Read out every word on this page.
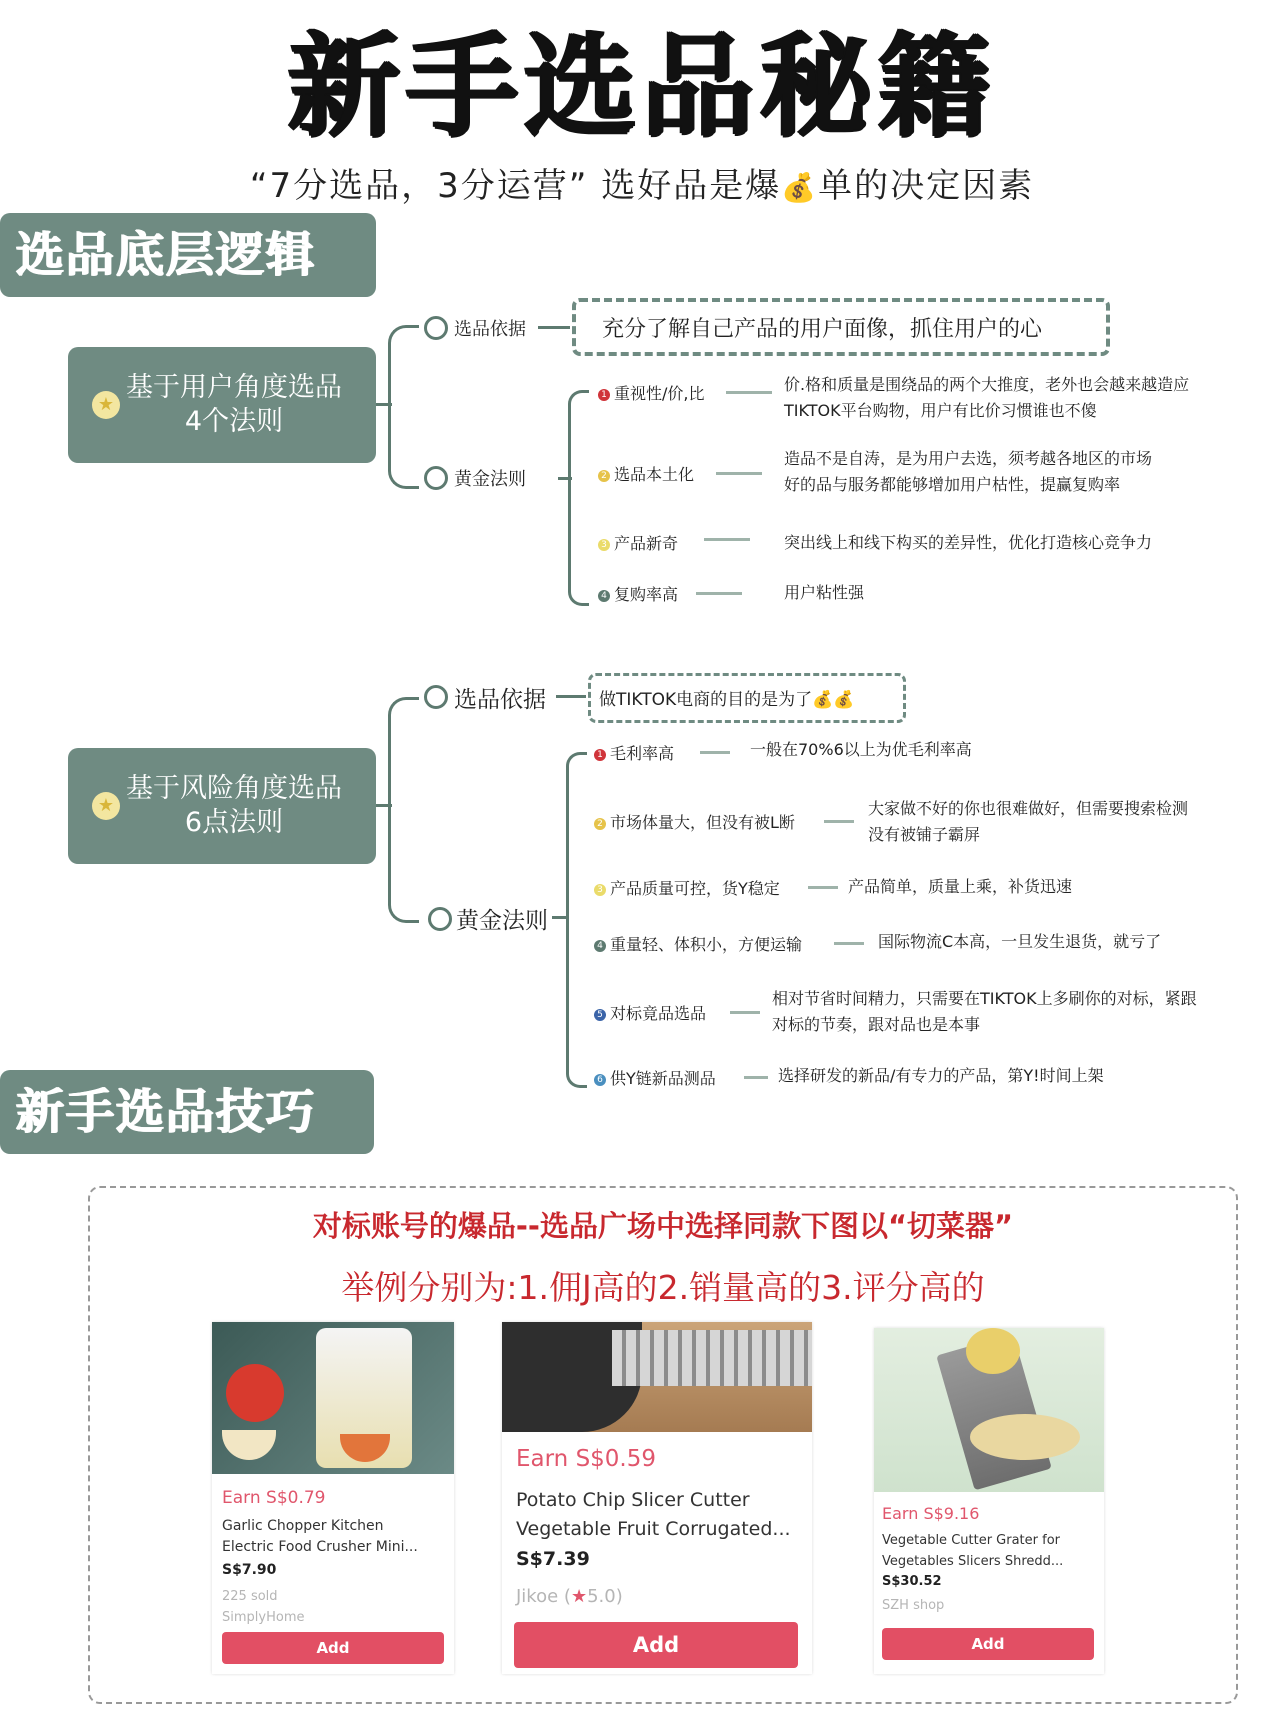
新手选品秘籍
“7分选品，3分运营” 选好品是爆💰单的决定因素
选品底层逻辑
★
基于用户角度选品
4个法则
选品依据	充分了解自己产品的用户面像，抓住用户的心
黄金法则
1 重视性/价,比	价.格和质量是围绕品的两个大推度，老外也会越来越造应
TIKTOK平台购物，用户有比价习惯谁也不傻
2 选品本土化
造品不是自涛，是为用户去选，须考越各地区的市场
好的品与服务都能够增加用户枯性，提赢复购率
3 产品新奇	突出线上和线下构买的差异性，优化打造核心竞争力
4 复购率高	用户粘性强
★
基于风险角度选品
6点法则
选品依据	做TIKTOK电商的目的是为了💰💰
黄金法则
1 毛利率高	一般在70%6以上为优毛利率高
2 市场体量大，但没有被L断
大家做不好的你也很难做好，但需要搜索检测
没有被铺子霸屏
3 产品质量可控，货Y稳定	产品简单，质量上乘，补货迅速
4 重量轻、体积小，方便运输	国际物流C本高，一旦发生退货，就亏了
5 对标竟品选品
相对节省时间精力，只需要在TIKTOK上多刷你的对标，紧跟
对标的节奏，跟对品也是本事
6 供Y链新品测品	选择研发的新品/有专力的产品，第Y!时间上架
新手选品技巧
对标账号的爆品--选品广场中选择同款下图以“切菜器”
举例分别为:1.佣J高的2.销量高的3.评分高的
Earn S$0.79
Garlic Chopper Kitchen
Electric Food Crusher Mini...
S$7.90
225 sold
SimplyHome
Add
Earn S$0.59
Potato Chip Slicer Cutter
Vegetable Fruit Corrugated...
S$7.39
Jikoe (★5.0)
Add
Earn S$9.16
Vegetable Cutter Grater for
Vegetables Slicers Shredd...
S$30.52
SZH shop
Add
